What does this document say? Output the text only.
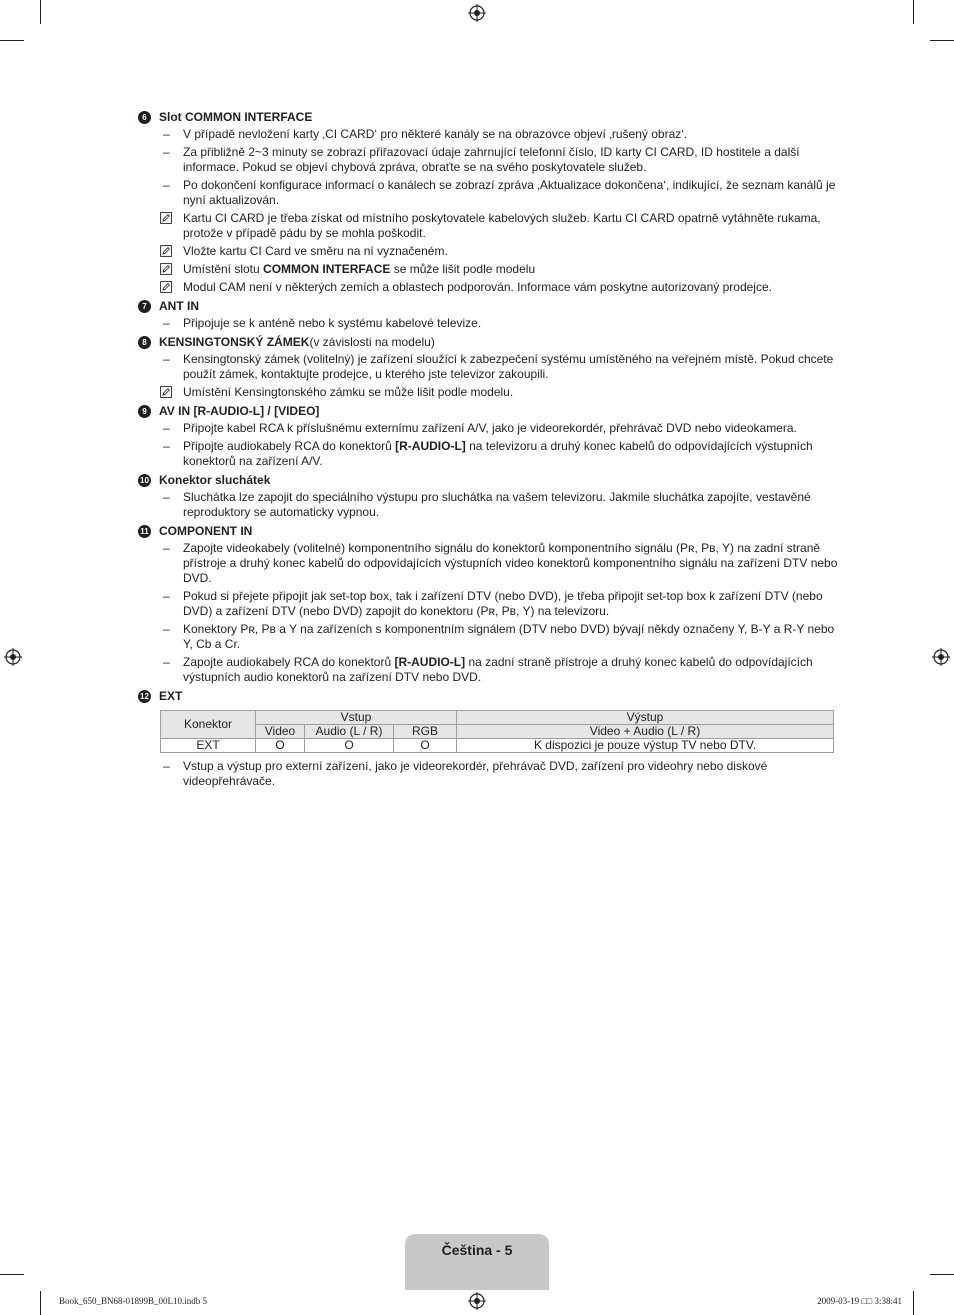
6	Slot COMMON INTERFACE
–	V případě nevložení karty ‚CI CARD‘ pro některé kanály se na obrazovce objeví ‚rušený obraz‘.
–	Za přibližně 2~3 minuty se zobrazí přiřazovací údaje zahrnující telefonní číslo, ID karty CI CARD, ID hostitele a další informace. Pokud se objeví chybová zpráva, obraťte se na svého poskytovatele služeb.
–	Po dokončení konfigurace informací o kanálech se zobrazí zpráva ‚Aktualizace dokončena‘, indikující, že seznam kanálů je nyní aktualizován.
Kartu CI CARD je třeba získat od místního poskytovatele kabelových služeb. Kartu CI CARD opatrně vytáhněte rukama, protože v případě pádu by se mohla poškodit.
Vložte kartu CI Card ve směru na ní vyznačeném.
Umístění slotu COMMON INTERFACE se může lišit podle modelu
Modul CAM není v některých zemích a oblastech podporován. Informace vám poskytne autorizovaný prodejce.
7	ANT IN
–	Připojuje se k anténě nebo k systému kabelové televize.
8	KENSINGTONSKÝ ZÁMEK (v závislosti na modelu)
–	Kensingtonský zámek (volitelný) je zařízení sloužící k zabezpečení systému umístěného na veřejném místě. Pokud chcete použít zámek, kontaktujte prodejce, u kterého jste televizor zakoupili.
Umístění Kensingtonského zámku se může lišit podle modelu.
9	AV IN [R-AUDIO-L] / [VIDEO]
–	Připojte kabel RCA k příslušnému externímu zařízení A/V, jako je videorekordér, přehrávač DVD nebo videokamera.
–	Připojte audiokabely RCA do konektorů [R-AUDIO-L] na televizoru a druhý konec kabelů do odpovídajících výstupních konektorů na zařízení A/V.
10 Konektor sluchátek
–	Sluchátka lze zapojit do speciálního výstupu pro sluchátka na vašem televizoru. Jakmile sluchátka zapojíte, vestavěné reproduktory se automaticky vypnou.
11 COMPONENT IN
–	Zapojte videokabely (volitelné) komponentního signálu do konektorů komponentního signálu (Pʀ, Pʙ, Y) na zadní straně přístroje a druhý konec kabelů do odpovídajících výstupních video konektorů komponentního signálu na zařízení DTV nebo DVD.
–	Pokud si přejete připojit jak set-top box, tak i zařízení DTV (nebo DVD), je třeba připojit set-top box k zařízení DTV (nebo DVD) a zařízení DTV (nebo DVD) zapojit do konektoru (Pʀ, Pʙ, Y) na televizoru.
–	Konektory Pʀ, Pʙ a Y na zařízeních s komponentním signálem (DTV nebo DVD) bývají někdy označeny Y, B-Y a R-Y nebo Y, Cb a Cr.
–	Zapojte audiokabely RCA do konektorů [R-AUDIO-L] na zadní straně přístroje a druhý konec kabelů do odpovídajících výstupních audio konektorů na zařízení DTV nebo DVD.
12 EXT
Konektor	Vstup			Výstup
	Video	Audio (L / R)	RGB	Video + Audio (L / R)
EXT	O	O	O	K dispozici je pouze výstup TV nebo DTV.
–	Vstup a výstup pro externí zařízení, jako je videorekordér, přehrávač DVD, zařízení pro videohry nebo diskové videopřehrávače.
Čeština - 5
Book_650_BN68-01899B_00L10.indb 5	2009-03-19 □□ 3:38:41
